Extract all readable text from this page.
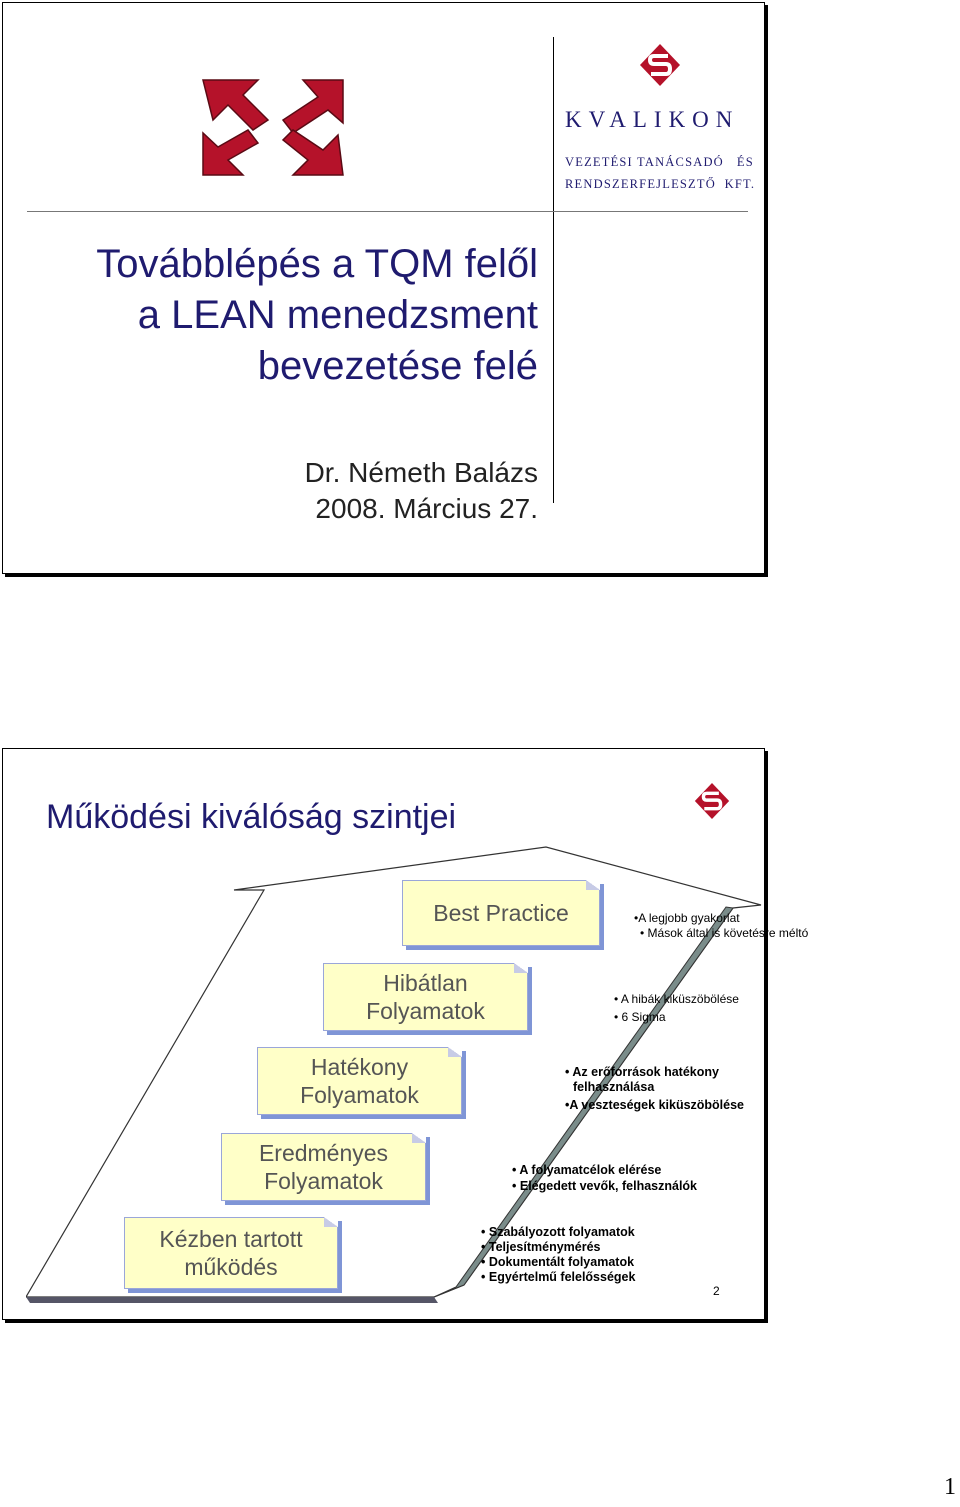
KVALIKON
VEZETÉSI TANÁCSADÓ   ÉS
RENDSZERFEJLESZTŐ  KFT.
Továbblépés a TQM felől
a LEAN menedzsment
bevezetése felé
Dr. Németh Balázs
2008. Március 27.
Működési kiválóság szintjei
Best Practice
Hibátlan
Folyamatok
Hatékony
Folyamatok
Eredményes
Folyamatok
Kézben tartott
működés
•A legjobb gyakorlat
• Mások által is követésre méltó
• A hibák kiküszöbölése
• 6 Sigma
• Az erőforrások hatékony felhasználása
•A veszteségek kiküszöbölése
• A folyamatcélok elérése
• Elégedett vevők, felhasználók
• Szabályozott folyamatok
• Teljesítménymérés
• Dokumentált folyamatok
• Egyértelmű felelősségek
2
1
